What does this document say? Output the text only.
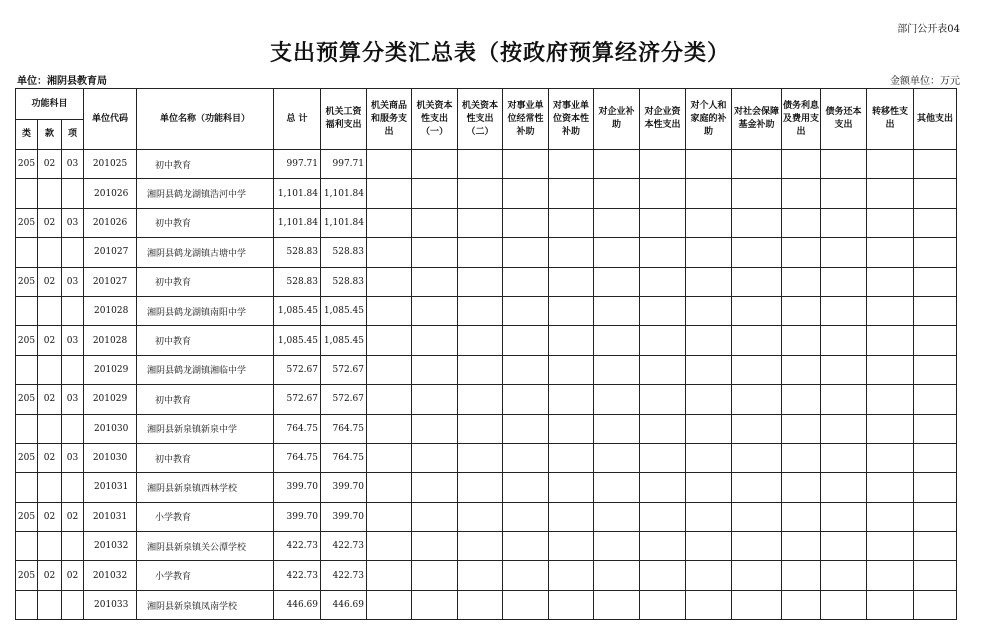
部门公开表04
支出预算分类汇总表（按政府预算经济分类）
单位：湘阴县教育局	金额单位：万元
功能科目			单位代码	单位名称（功能科目）	总 计	机关工资福利支出	机关商品和服务支出	机关资本性支出（一）	机关资本性支出（二）	对事业单位经常性补助	对事业单位资本性补助	对企业补助	对企业资本性支出	对个人和家庭的补助	对社会保障基金补助	债务利息及费用支出	债务还本支出	转移性支出	其他支出
类	款	项																	
205	02	03	201025	初中教育	997.71	997.71													
			201026	湘阴县鹤龙湖镇浩河中学	1,101.84	1,101.84													
205	02	03	201026	初中教育	1,101.84	1,101.84													
			201027	湘阴县鹤龙湖镇古塘中学	528.83	528.83													
205	02	03	201027	初中教育	528.83	528.83													
			201028	湘阴县鹤龙湖镇南阳中学	1,085.45	1,085.45													
205	02	03	201028	初中教育	1,085.45	1,085.45													
			201029	湘阴县鹤龙湖镇湘临中学	572.67	572.67													
205	02	03	201029	初中教育	572.67	572.67													
			201030	湘阴县新泉镇新泉中学	764.75	764.75													
205	02	03	201030	初中教育	764.75	764.75													
			201031	湘阴县新泉镇西林学校	399.70	399.70													
205	02	02	201031	小学教育	399.70	399.70													
			201032	湘阴县新泉镇关公潭学校	422.73	422.73													
205	02	02	201032	小学教育	422.73	422.73													
			201033	湘阴县新泉镇凤南学校	446.69	446.69													
